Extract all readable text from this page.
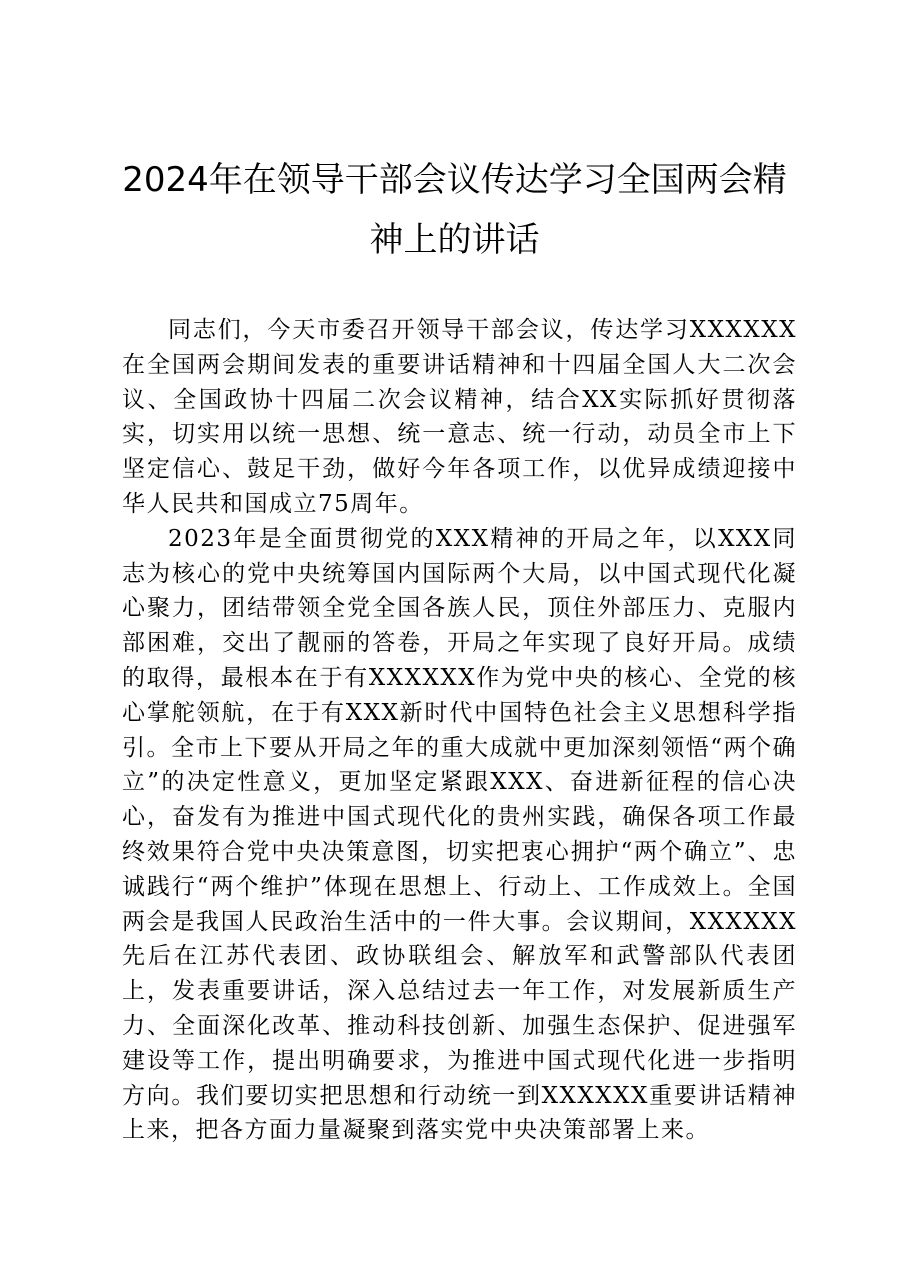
2024年在领导干部会议传达学习全国两会精
神上的讲话

同志们，今天市委召开领导干部会议，传达学习XXXXXX在全国两会期间发表的重要讲话精神和十四届全国人大二次会议、全国政协十四届二次会议精神，结合XX实际抓好贯彻落实，切实用以统一思想、统一意志、统一行动，动员全市上下坚定信心、鼓足干劲，做好今年各项工作，以优异成绩迎接中华人民共和国成立75周年。

2023年是全面贯彻党的XXX精神的开局之年，以XXX同志为核心的党中央统筹国内国际两个大局，以中国式现代化凝心聚力，团结带领全党全国各族人民，顶住外部压力、克服内部困难，交出了靓丽的答卷，开局之年实现了良好开局。成绩的取得，最根本在于有XXXXXX作为党中央的核心、全党的核心掌舵领航，在于有XXX新时代中国特色社会主义思想科学指引。全市上下要从开局之年的重大成就中更加深刻领悟“两个确立”的决定性意义，更加坚定紧跟XXX、奋进新征程的信心决心，奋发有为推进中国式现代化的贵州实践，确保各项工作最终效果符合党中央决策意图，切实把衷心拥护“两个确立”、忠诚践行“两个维护”体现在思想上、行动上、工作成效上。全国两会是我国人民政治生活中的一件大事。会议期间，XXXXXX先后在江苏代表团、政协联组会、解放军和武警部队代表团上，发表重要讲话，深入总结过去一年工作，对发展新质生产力、全面深化改革、推动科技创新、加强生态保护、促进强军建设等工作，提出明确要求，为推进中国式现代化进一步指明方向。我们要切实把思想和行动统一到XXXXXX重要讲话精神上来，把各方面力量凝聚到落实党中央决策部署上来。
